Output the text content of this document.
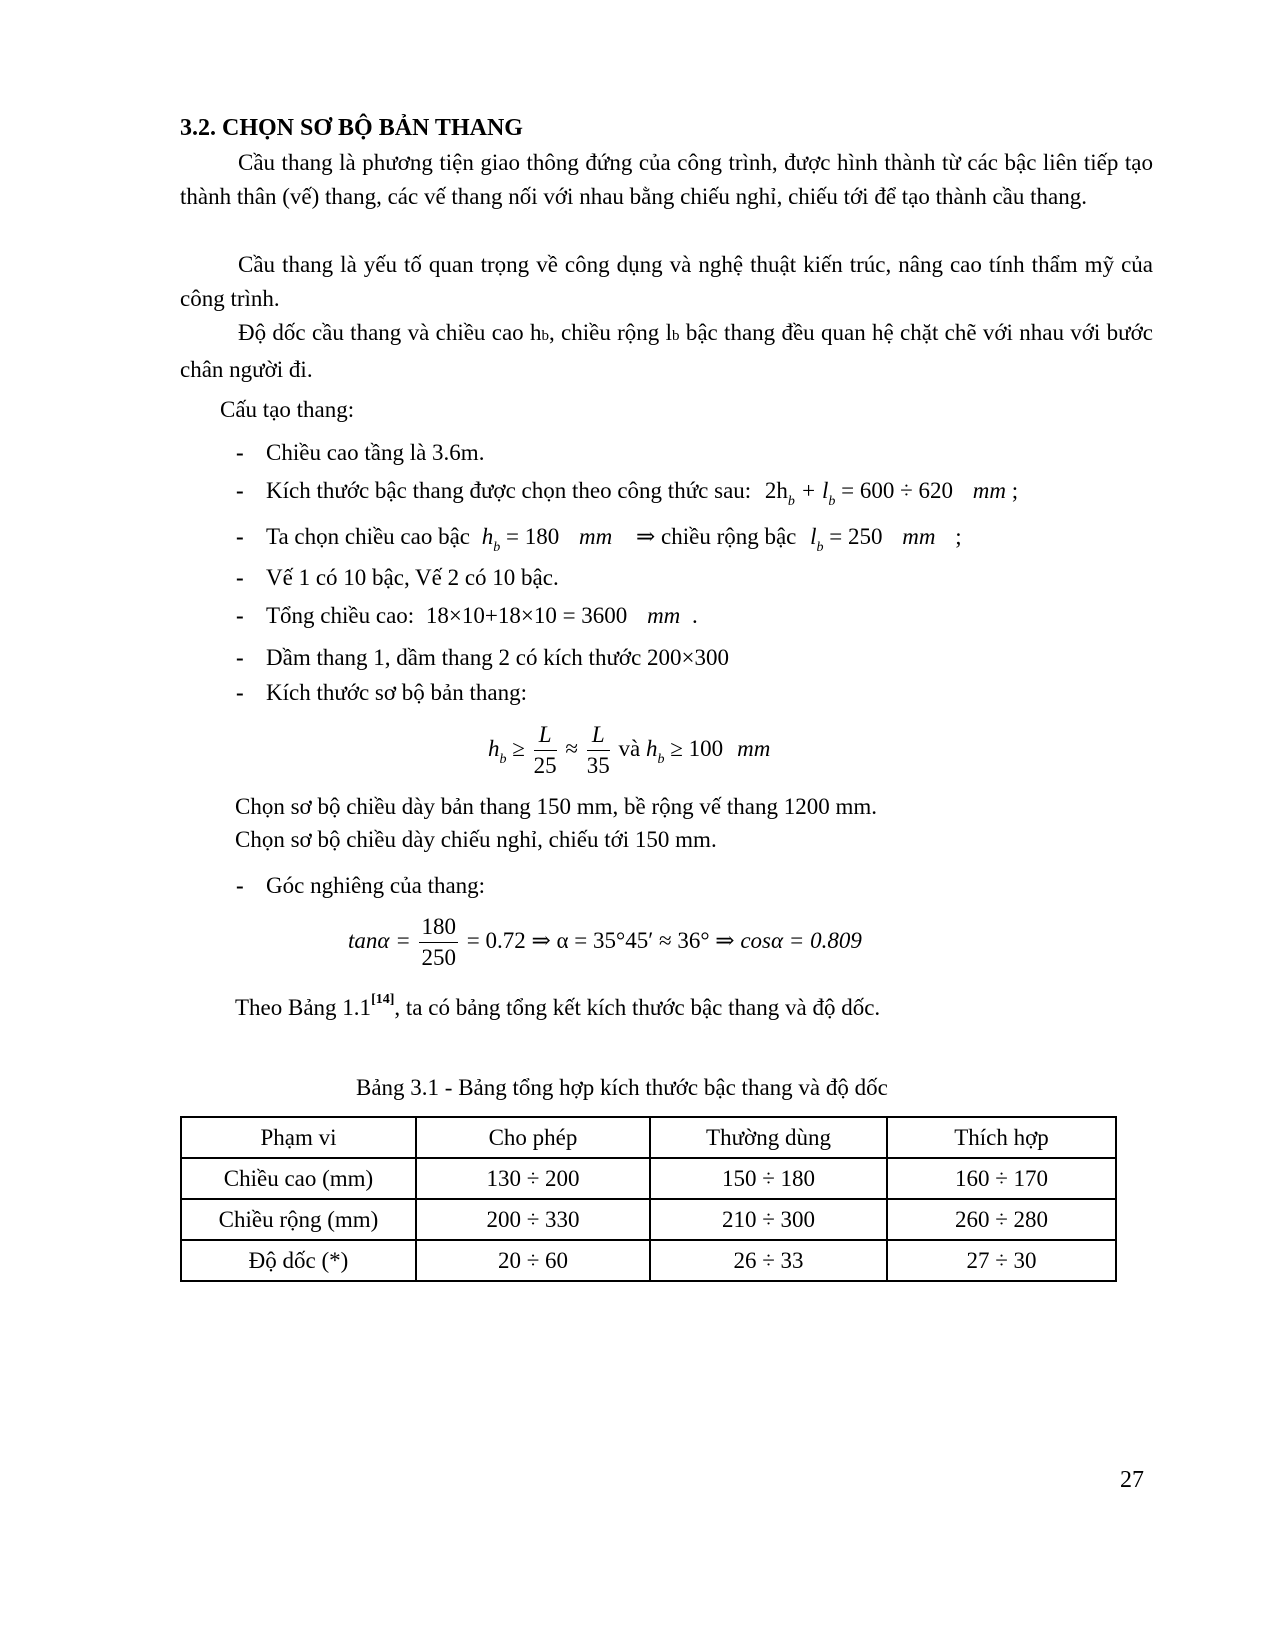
3.2. CHỌN SƠ BỘ BẢN THANG
Cầu thang là phương tiện giao thông đứng của công trình, được hình thành từ các bậc liên tiếp tạo thành thân (vế) thang, các vế thang nối với nhau bằng chiếu nghỉ, chiếu tới để tạo thành cầu thang.
Cầu thang là yếu tố quan trọng về công dụng và nghệ thuật kiến trúc, nâng cao tính thẩm mỹ của công trình.
Độ dốc cầu thang và chiều cao hb, chiều rộng lb bậc thang đều quan hệ chặt chẽ với nhau với bước chân người đi.
Cấu tạo thang:
- Chiều cao tầng là 3.6m.
- Kích thước bậc thang được chọn theo công thức sau: $2h_b + l_b = 600 \div 620$ mm ;
- Ta chọn chiều cao bậc $h_b = 180$ mm ⇒ chiều rộng bậc $l_b = 250$ mm ;
- Vế 1 có 10 bậc, Vế 2 có 10 bậc.
- Tổng chiều cao: 18×10+18×10 = 3600 mm .
- Dầm thang 1, dầm thang 2 có kích thước 200×300
- Kích thước sơ bộ bản thang:
$h_b \ge \frac{L}{25} \approx \frac{L}{35}$ và $h_b \ge 100$ mm
Chọn sơ bộ chiều dày bản thang 150 mm, bề rộng vế thang 1200 mm.
Chọn sơ bộ chiều dày chiếu nghỉ, chiếu tới 150 mm.
- Góc nghiêng của thang:
$\tan\alpha = \frac{180}{250} = 0.72$ ⇒ α = 35°45′ ≈ 36° ⇒ cosα = 0.809
Theo Bảng 1.1[14], ta có bảng tổng kết kích thước bậc thang và độ dốc.
Bảng 3.1 - Bảng tổng hợp kích thước bậc thang và độ dốc
Phạm vi	Cho phép	Thường dùng	Thích hợp
Chiều cao (mm)	130 ÷ 200	150 ÷ 180	160 ÷ 170
Chiều rộng (mm)	200 ÷ 330	210 ÷ 300	260 ÷ 280
Độ dốc (*)	20 ÷ 60	26 ÷ 33	27 ÷ 30
27
